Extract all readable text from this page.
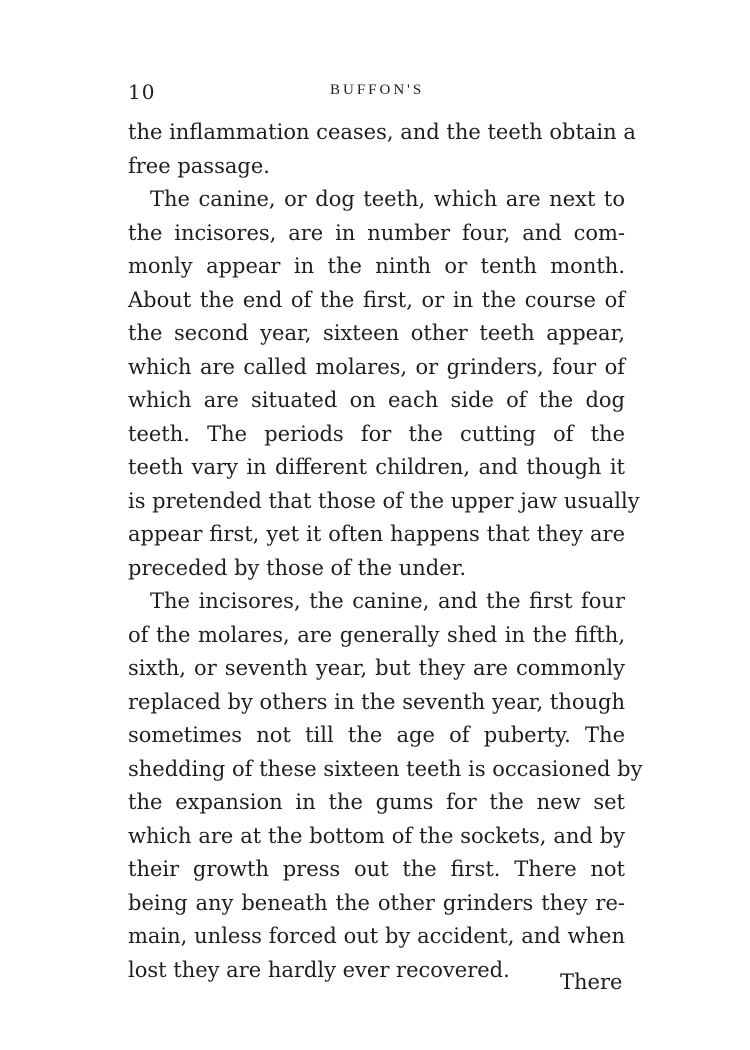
10	BUFFON'S
the inflammation ceases, and the teeth obtain a
free passage.
The canine, or dog teeth, which are next to
the incisores, are in number four, and com-
monly appear in the ninth or tenth month.
About the end of the first, or in the course of
the second year, sixteen other teeth appear,
which are called molares, or grinders, four of
which are situated on each side of the dog
teeth. The periods for the cutting of the
teeth vary in different children, and though it
is pretended that those of the upper jaw usually
appear first, yet it often happens that they are
preceded by those of the under.
The incisores, the canine, and the first four
of the molares, are generally shed in the fifth,
sixth, or seventh year, but they are commonly
replaced by others in the seventh year, though
sometimes not till the age of puberty. The
shedding of these sixteen teeth is occasioned by
the expansion in the gums for the new set
which are at the bottom of the sockets, and by
their growth press out the first. There not
being any beneath the other grinders they re-
main, unless forced out by accident, and when
lost they are hardly ever recovered.
There
